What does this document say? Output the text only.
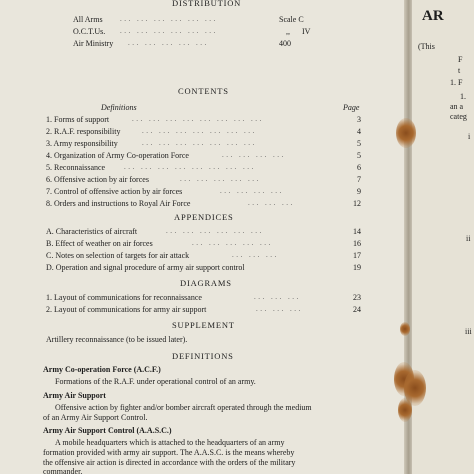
DISTRIBUTION
All Arms ... ... ... ... ... ...	Scale C
O.C.T.Us. ... ... ... ... ... ...	,, IV
Air Ministry ... ... ... ... ...	400
CONTENTS
Definitions	Page
1. Forms of support	... ... ... ... ... ... ... ...	3
2. R.A.F. responsibility	... ... ... ... ... ... ...	4
3. Army responsibility	... ... ... ... ... ... ...	5
4. Organization of Army Co-operation Force	... ... ... ...	5
5. Reconnaissance	... ... ... ... ... ... ... ...	6
6. Offensive action by air forces	... ... ... ... ...	7
7. Control of offensive action by air forces	... ... ... ...	9
8. Orders and instructions to Royal Air Force	... ... ...	12
APPENDICES
A. Characteristics of aircraft	... ... ... ... ... ...	14
B. Effect of weather on air forces	... ... ... ... ...	16
C. Notes on selection of targets for air attack	... ... ...	17
D. Operation and signal procedure of army air support control	19
DIAGRAMS
1. Layout of communications for reconnaissance	... ... ...	23
2. Layout of communications for army air support	... ... ...	24
SUPPLEMENT
Artillery reconnaissance (to be issued later).
DEFINITIONS
Army Co-operation Force (A.C.F.)
Formations of the R.A.F. under operational control of an army.
Army Air Support
Offensive action by fighter and/or bomber aircraft operated through the medium
of an Army Air Support Control.
Army Air Support Control (A.A.S.C.)
A mobile headquarters which is attached to the headquarters of an army
formation provided with army air support. The A.A.S.C. is the means whereby
the offensive air action is directed in accordance with the orders of the military
commander.
AR
(This
F
t
1. F
1.
an a
categ
i
ii
iii
